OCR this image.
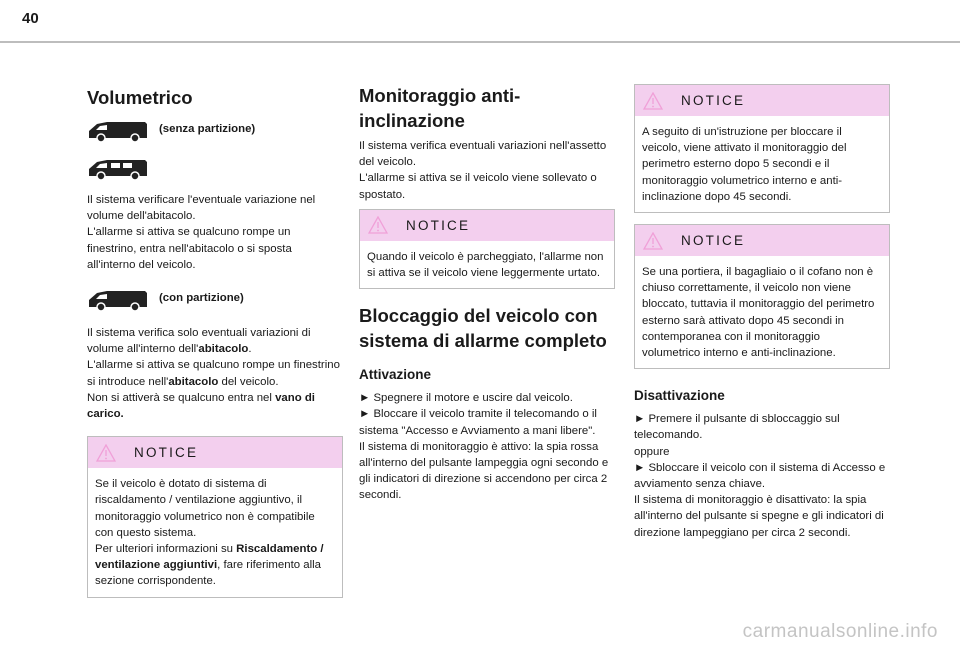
40
Volumetrico
(senza partizione)

Il sistema verificare l'eventuale variazione nel volume dell'abitacolo.

L'allarme si attiva se qualcuno rompe un finestrino, entra nell'abitacolo o si sposta all'interno del veicolo.

(con partizione)

Il sistema verifica solo eventuali variazioni di volume all'interno dell'abitacolo.

L'allarme si attiva se qualcuno rompe un finestrino si introduce nell'abitacolo del veicolo.

Non si attiverà se qualcuno entra nel vano di carico.

NOTICE

Se il veicolo è dotato di sistema di riscaldamento / ventilazione aggiuntivo, il monitoraggio volumetrico non è compatibile con questo sistema.

Per ulteriori informazioni su Riscaldamento / ventilazione aggiuntivi, fare riferimento alla sezione corrispondente.

Monitoraggio anti-inclinazione

Il sistema verifica eventuali variazioni nell'assetto del veicolo.

L'allarme si attiva se il veicolo viene sollevato o spostato.

NOTICE

Quando il veicolo è parcheggiato, l'allarme non si attiva se il veicolo viene leggermente urtato.

Bloccaggio del veicolo con sistema di allarme completo
Attivazione

► Spegnere il motore e uscire dal veicolo.

► Bloccare il veicolo tramite il telecomando o il sistema "Accesso e Avviamento a mani libere".

Il sistema di monitoraggio è attivo: la spia rossa all'interno del pulsante lampeggia ogni secondo e gli indicatori di direzione si accendono per circa 2 secondi.

NOTICE

A seguito di un'istruzione per bloccare il veicolo, viene attivato il monitoraggio del perimetro esterno dopo 5 secondi e il monitoraggio volumetrico interno e anti-inclinazione dopo 45 secondi.

NOTICE

Se una portiera, il bagagliaio o il cofano non è chiuso correttamente, il veicolo non viene bloccato, tuttavia il monitoraggio del perimetro esterno sarà attivato dopo 45 secondi in contemporanea con il monitoraggio volumetrico interno e anti-inclinazione.

Disattivazione

► Premere il pulsante di sbloccaggio sul telecomando.

oppure

► Sbloccare il veicolo con il sistema di Accesso e avviamento senza chiave.

Il sistema di monitoraggio è disattivato: la spia all'interno del pulsante si spegne e gli indicatori di direzione lampeggiano per circa 2 secondi.

carmanualsonline.info
